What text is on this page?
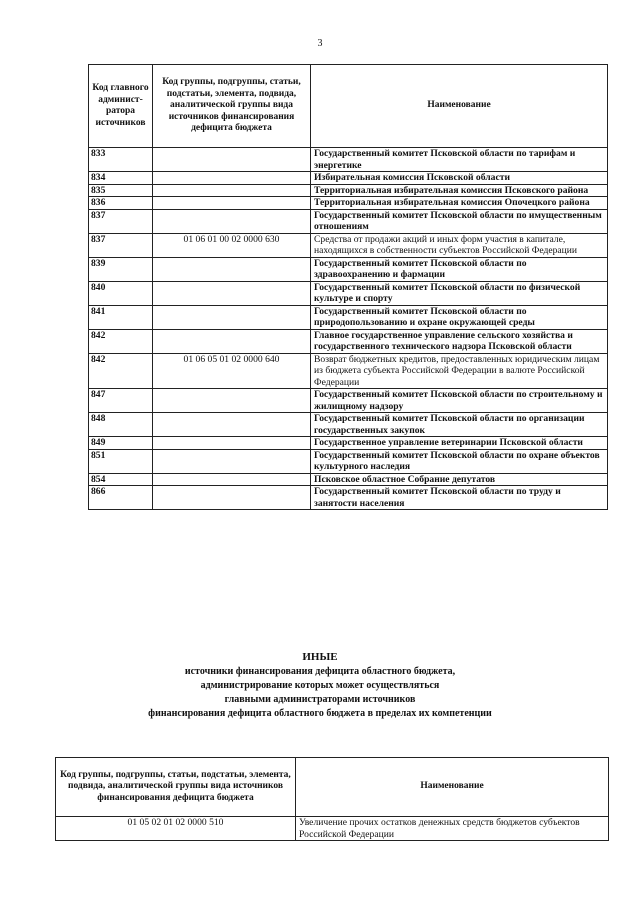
3
Код главного админист-ратора источников	Код группы, подгруппы, статьи, подстатьи, элемента, подвида, аналитической группы вида источников финансирования дефицита бюджета	Наименование
833		Государственный комитет Псковской области по тарифам и энергетике
834		Избирательная комиссия Псковской области
835		Территориальная избирательная комиссия Псковского района
836		Территориальная избирательная комиссия Опочецкого района
837		Государственный комитет Псковской области по имущественным отношениям
837	01 06 01 00 02 0000 630	Средства от продажи акций и иных форм участия в капитале, находящихся в собственности субъектов Российской Федерации
839		Государственный комитет Псковской области по здравоохранению и фармации
840		Государственный комитет Псковской области по физической культуре и спорту
841		Государственный комитет Псковской области по природопользованию и охране окружающей среды
842		Главное государственное управление сельского хозяйства и государственного технического надзора Псковской области
842	01 06 05 01 02 0000 640	Возврат бюджетных кредитов, предоставленных юридическим лицам из бюджета субъекта Российской Федерации в валюте Российской Федерации
847		Государственный комитет Псковской области по строительному и жилищному надзору
848		Государственный комитет Псковской области по организации государственных закупок
849		Государственное управление ветеринарии Псковской области
851		Государственный комитет Псковской области по охране объектов культурного наследия
854		Псковское областное Собрание депутатов
866		Государственный комитет Псковской области по труду и занятости населения
ИНЫЕ
источники финансирования дефицита областного бюджета,
администрирование которых может осуществляться
главными администраторами источников
финансирования дефицита областного бюджета в пределах их компетенции
Код группы, подгруппы, статьи, подстатьи, элемента, подвида, аналитической группы вида источников финансирования дефицита бюджета	Наименование
01 05 02 01 02 0000 510	Увеличение прочих остатков денежных средств бюджетов субъектов Российской Федерации
